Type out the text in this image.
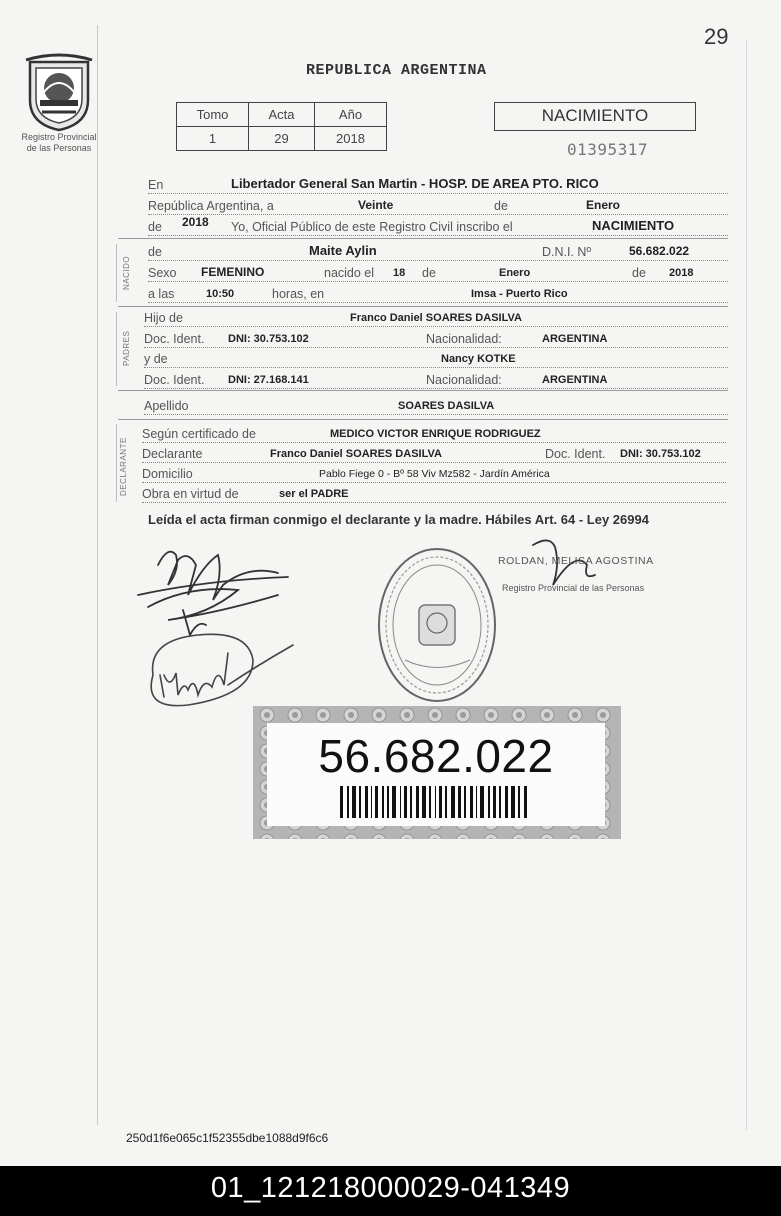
29
Registro Provincial
de las Personas
REPUBLICA ARGENTINA
Tomo	Acta	Año
1	29	2018
NACIMIENTO
01395317
En	Libertador General San Martin - HOSP. DE AREA PTO. RICO
República Argentina, a	Veinte	de	Enero
de 2018 Yo, Oficial Público de este Registro Civil inscribo el	NACIMIENTO
NACIDO
de	Maite Aylin	D.N.I. Nº	56.682.022
Sexo FEMENINO	nacido el 18 de	Enero	de 2018
a las	10:50	horas, en	Imsa - Puerto Rico
PADRES
Hijo de	Franco Daniel SOARES DASILVA
Doc. Ident. DNI: 30.753.102	Nacionalidad:	ARGENTINA
y de	Nancy KOTKE
Doc. Ident. DNI: 27.168.141	Nacionalidad:	ARGENTINA
Apellido	SOARES DASILVA
DECLARANTE
Según certificado de	MEDICO VICTOR ENRIQUE RODRIGUEZ
Declarante	Franco Daniel SOARES DASILVA	Doc. Ident. DNI: 30.753.102
Domicilio	Pablo Fiege 0 - Bº 58 Viv Mz582 - Jardín América
Obra en virtud de	ser el PADRE
Leída el acta firman conmigo el declarante y la madre. Hábiles Art. 64 - Ley 26994
ROLDAN, MELISA AGOSTINA
Registro Provincial de las Personas
56.682.022
250d1f6e065c1f52355dbe1088d9f6c6
01_121218000029-041349
